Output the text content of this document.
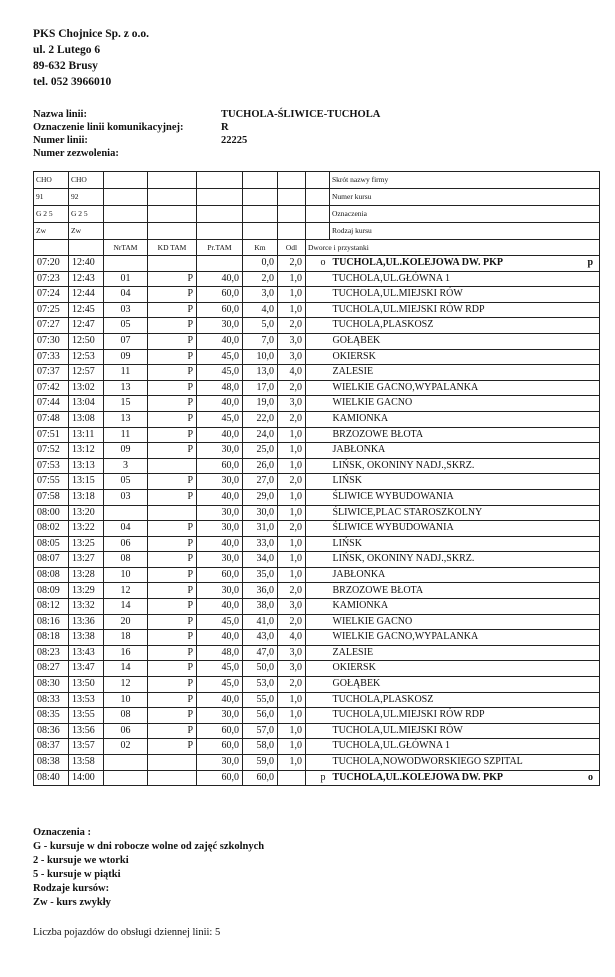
PKS Chojnice Sp. z o.o.
ul. 2 Lutego 6
89-632 Brusy
tel. 052 3966010
Nazwa linii:	TUCHOLA-ŚLIWICE-TUCHOLA
Oznaczenie linii komunikacyjnej:	R
Numer linii:	22225
Numer zezwolenia:
CHO	CHO							Skrót nazwy firmy
91	92							Numer kursu
G 2 5	G 2 5							Oznaczenia
Zw	Zw							Rodzaj kursu
		NrTAM	KD TAM	Pr.TAM	Km	Odl	Dworce i przystanki	
07:20	12:40				0,0	2,0	o	TUCHOLA,UL.KOLEJOWA DW. PKP p

07:23	12:43	01	P	40,0	2,0	1,0		TUCHOLA,UL.GŁÓWNA 1

07:24	12:44	04	P	60,0	3,0	1,0		TUCHOLA,UL.MIEJSKI RÓW

07:25	12:45	03	P	60,0	4,0	1,0		TUCHOLA,UL.MIEJSKI RÓW RDP

07:27	12:47	05	P	30,0	5,0	2,0		TUCHOLA,PLASKOSZ

07:30	12:50	07	P	40,0	7,0	3,0		GOŁĄBEK

07:33	12:53	09	P	45,0	10,0	3,0		OKIERSK

07:37	12:57	11	P	45,0	13,0	4,0		ZALESIE

07:42	13:02	13	P	48,0	17,0	2,0		WIELKIE GACNO,WYPALANKA

07:44	13:04	15	P	40,0	19,0	3,0		WIELKIE GACNO

07:48	13:08	13	P	45,0	22,0	2,0		KAMIONKA

07:51	13:11	11	P	40,0	24,0	1,0		BRZOZOWE BŁOTA

07:52	13:12	09	P	30,0	25,0	1,0		JABŁONKA

07:53	13:13	3		60,0	26,0	1,0		LIŃSK, OKONINY NADJ.,SKRZ.

07:55	13:15	05	P	30,0	27,0	2,0		LIŃSK

07:58	13:18	03	P	40,0	29,0	1,0		ŚLIWICE WYBUDOWANIA

08:00	13:20			30,0	30,0	1,0		ŚLIWICE,PLAC STAROSZKOLNY

08:02	13:22	04	P	30,0	31,0	2,0		ŚLIWICE WYBUDOWANIA

08:05	13:25	06	P	40,0	33,0	1,0		LIŃSK

08:07	13:27	08	P	30,0	34,0	1,0		LIŃSK, OKONINY NADJ.,SKRZ.

08:08	13:28	10	P	60,0	35,0	1,0		JABŁONKA

08:09	13:29	12	P	30,0	36,0	2,0		BRZOZOWE BŁOTA

08:12	13:32	14	P	40,0	38,0	3,0		KAMIONKA

08:16	13:36	20	P	45,0	41,0	2,0		WIELKIE GACNO

08:18	13:38	18	P	40,0	43,0	4,0		WIELKIE GACNO,WYPALANKA

08:23	13:43	16	P	48,0	47,0	3,0		ZALESIE

08:27	13:47	14	P	45,0	50,0	3,0		OKIERSK

08:30	13:50	12	P	45,0	53,0	2,0		GOŁĄBEK

08:33	13:53	10	P	40,0	55,0	1,0		TUCHOLA,PLASKOSZ

08:35	13:55	08	P	30,0	56,0	1,0		TUCHOLA,UL.MIEJSKI RÓW RDP

08:36	13:56	06	P	60,0	57,0	1,0		TUCHOLA,UL.MIEJSKI RÓW

08:37	13:57	02	P	60,0	58,0	1,0		TUCHOLA,UL.GŁÓWNA 1

08:38	13:58			30,0	59,0	1,0		TUCHOLA,NOWODWORSKIEGO SZPITAL

08:40	14:00			60,0	60,0		p	TUCHOLA,UL.KOLEJOWA DW. PKP o
Oznaczenia :
G - kursuje w dni robocze wolne od zajęć szkolnych
2 - kursuje we wtorki
5 - kursuje w piątki
Rodzaje kursów:
Zw - kurs zwykły
Liczba pojazdów do obsługi dziennej linii: 5
